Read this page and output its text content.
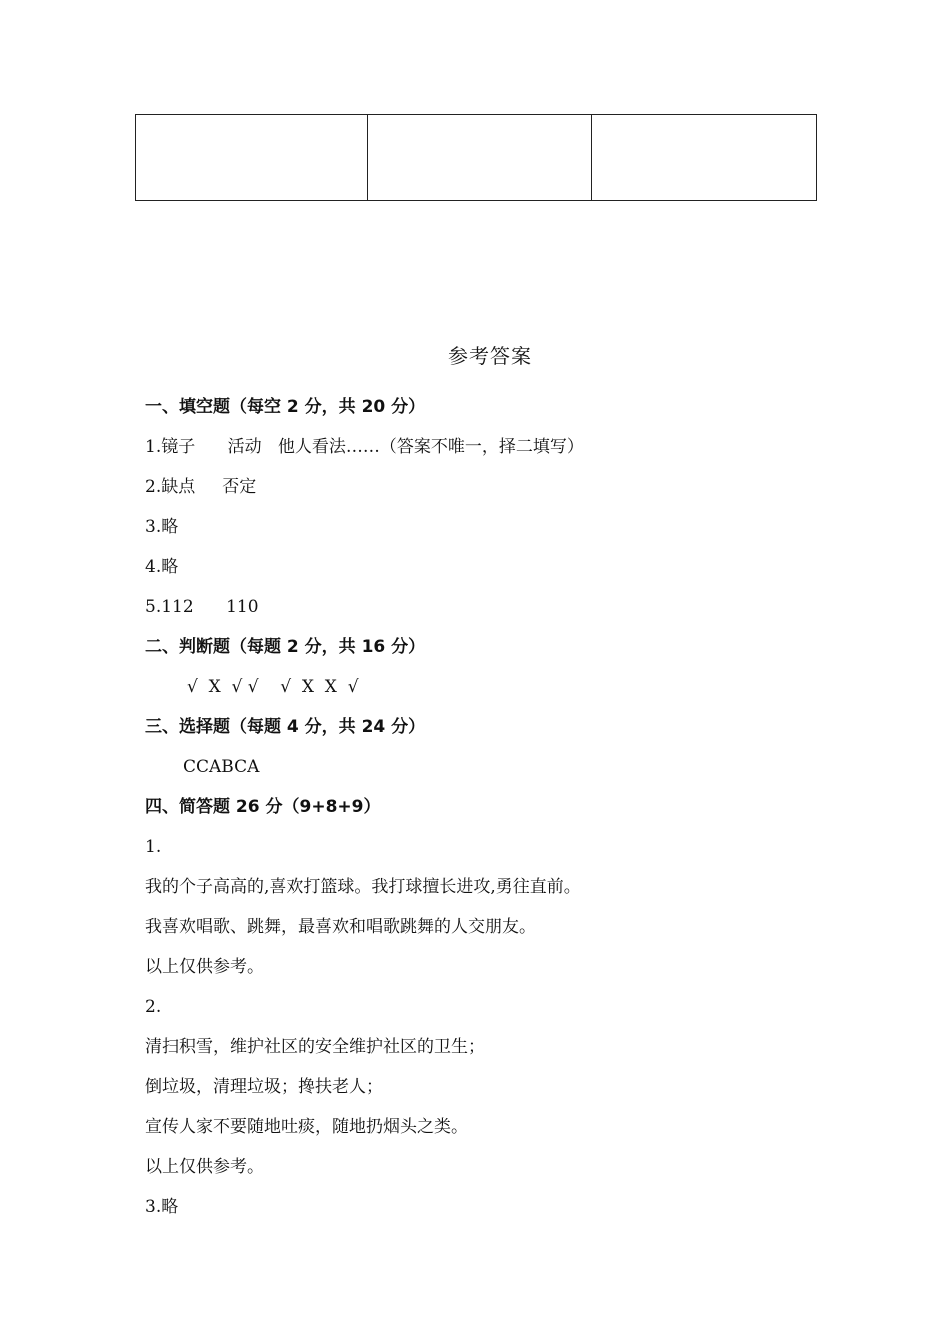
参考答案
一、填空题（每空 2 分，共 20 分）
1.镜子      活动   他人看法……（答案不唯一，择二填写）
2.缺点     否定
3.略
4.略
5.112      110
二、判断题（每题 2 分，共 16 分）
√  X  √ √    √  X  X  √
三、选择题（每题 4 分，共 24 分）
CCABCA
四、简答题 26 分（9+8+9）
1.
我的个子高高的,喜欢打篮球。我打球擅长进攻,勇往直前。
我喜欢唱歌、跳舞，最喜欢和唱歌跳舞的人交朋友。
以上仅供参考。
2.
清扫积雪，维护社区的安全维护社区的卫生；
倒垃圾，清理垃圾；搀扶老人；
宣传人家不要随地吐痰，随地扔烟头之类。
以上仅供参考。
3.略
